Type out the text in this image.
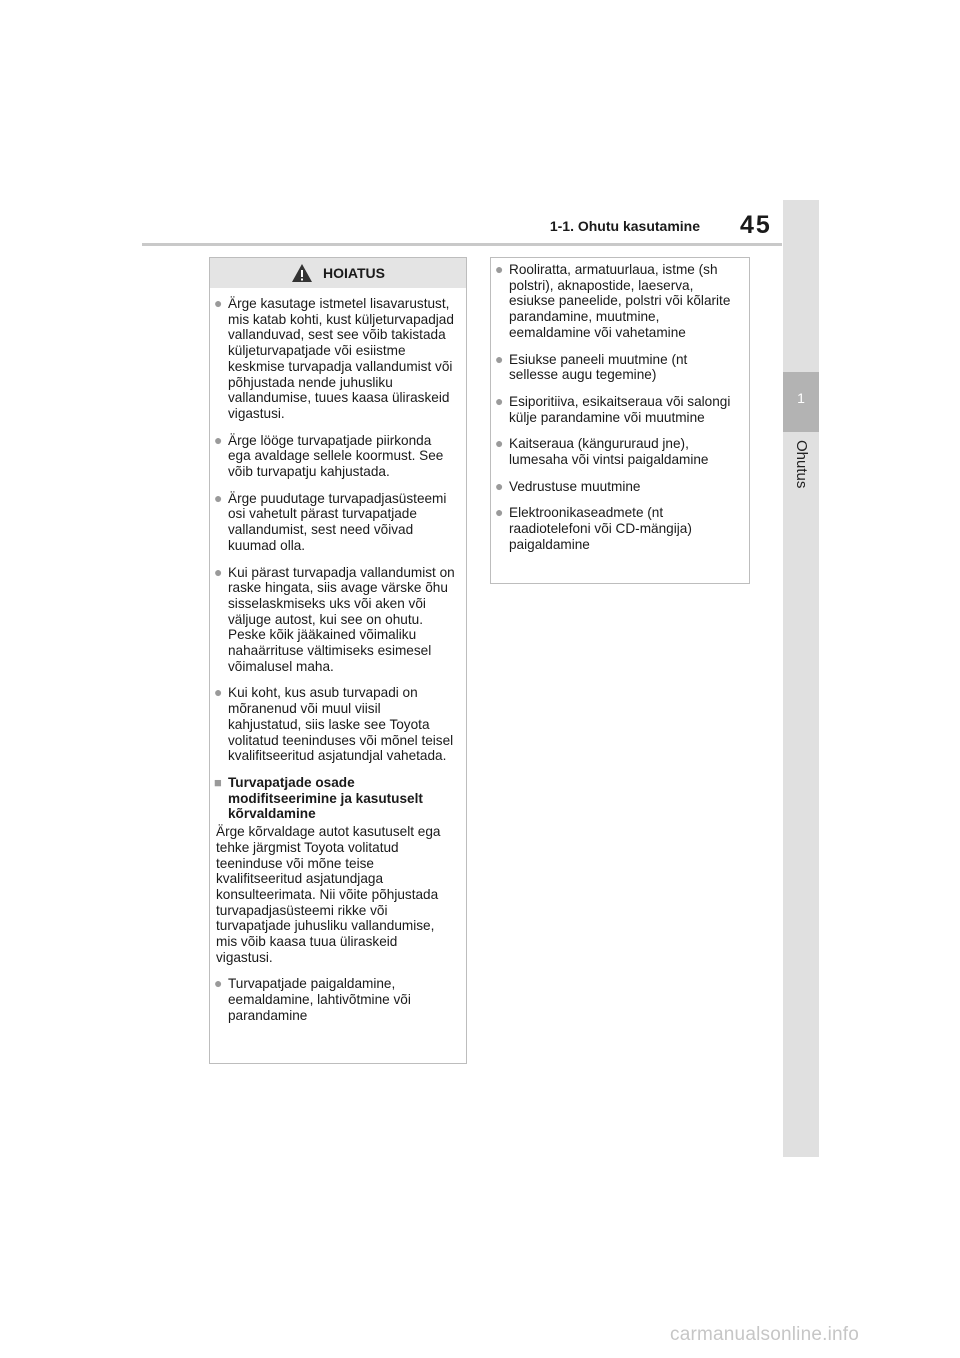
1-1. Ohutu kasutamine 45
1
Ohutus
HOIATUS
● Ärge kasutage istmetel lisavarustust, mis katab kohti, kust küljeturvapadjad vallanduvad, sest see võib takistada küljeturvapatjade või esiistme keskmise turvapadja vallandumist või põhjustada nende juhusliku vallandumise, tuues kaasa üliraskeid vigastusi.
● Ärge lööge turvapatjade piirkonda ega avaldage sellele koormust. See võib turvapatju kahjustada.
● Ärge puudutage turvapadjasüsteemi osi vahetult pärast turvapatjade vallandumist, sest need võivad kuumad olla.
● Kui pärast turvapadja vallandumist on raske hingata, siis avage värske õhu sisselaskmiseks uks või aken või väljuge autost, kui see on ohutu. Peske kõik jääkained võimaliku nahaärrituse vältimiseks esimesel võimalusel maha.
● Kui koht, kus asub turvapadi on mõranenud või muul viisil kahjustatud, siis laske see Toyota volitatud teeninduses või mõnel teisel kvalifitseeritud asjatundjal vahetada.
■ Turvapatjade osade modifitseerimine ja kasutuselt kõrvaldamine
Ärge kõrvaldage autot kasutuselt ega tehke järgmist Toyota volitatud teeninduse või mõne teise kvalifitseeritud asjatundjaga konsulteerimata. Nii võite põhjustada turvapadjasüsteemi rikke või turvapatjade juhusliku vallandumise, mis võib kaasa tuua üliraskeid vigastusi.
● Turvapatjade paigaldamine, eemaldamine, lahtivõtmine või parandamine
● Rooliratta, armatuurlaua, istme (sh polstri), aknapostide, laeserva, esiukse paneelide, polstri või kõlarite parandamine, muutmine, eemaldamine või vahetamine
● Esiukse paneeli muutmine (nt sellesse augu tegemine)
● Esiporitiiva, esikaitseraua või salongi külje parandamine või muutmine
● Kaitseraua (kängururaud jne), lumesaha või vintsi paigaldamine
● Vedrustuse muutmine
● Elektroonikaseadmete (nt raadiotelefoni või CD-mängija) paigaldamine
carmanualsonline.info
